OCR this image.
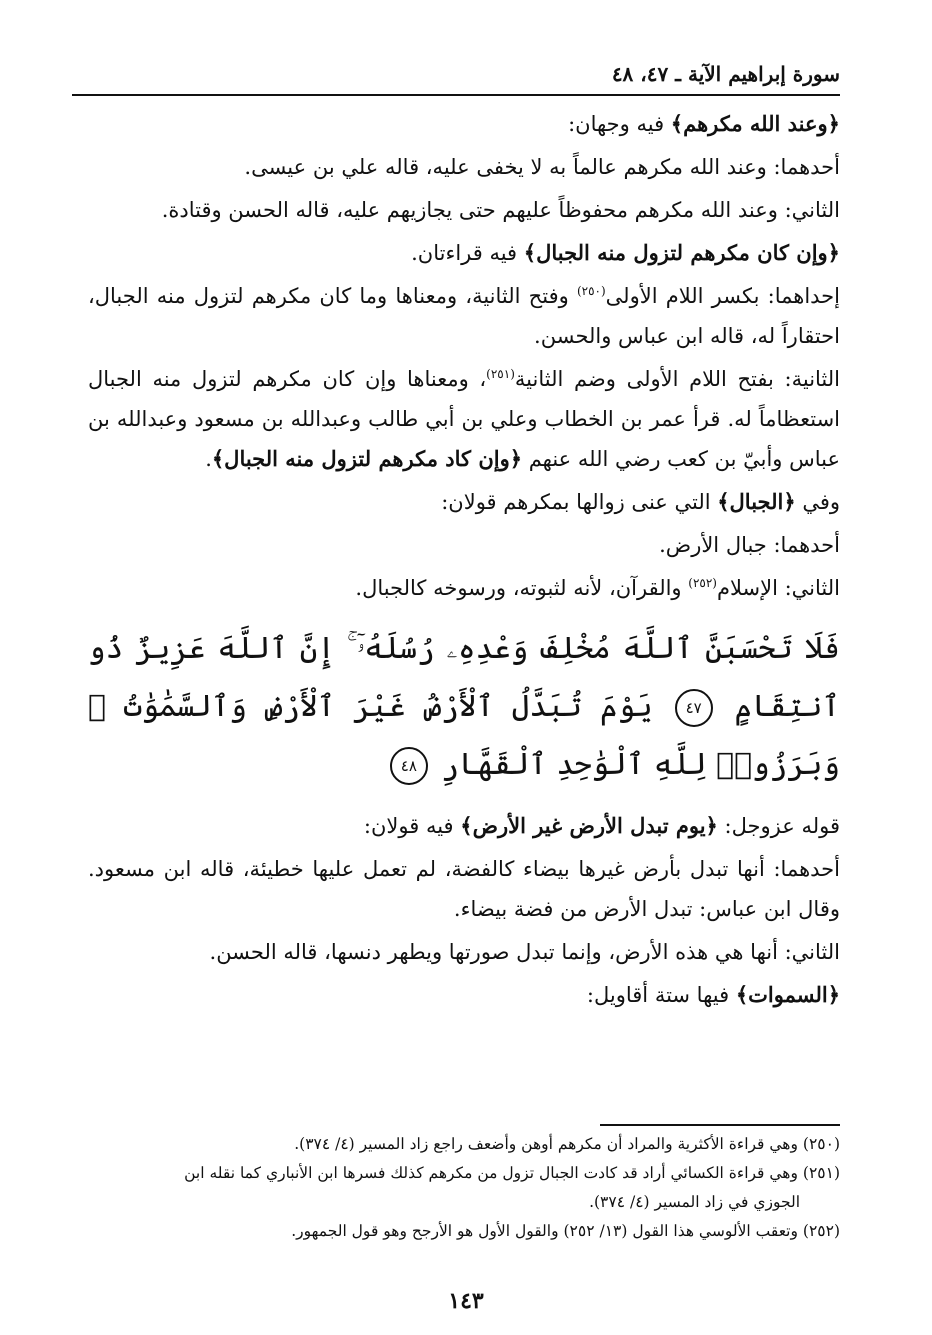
سورة إبراهيم الآية ـ ٤٧، ٤٨

﴿وعند الله مكرهم﴾ فيه وجهان:

أحدهما: وعند الله مكرهم عالماً به لا يخفى عليه، قاله علي بن عيسى.

الثاني: وعند الله مكرهم محفوظاً عليهم حتى يجازيهم عليه، قاله الحسن وقتادة.

﴿وإن كان مكرهم لتزول منه الجبال﴾ فيه قراءتان.

إحداهما: بكسر اللام الأولى$^{(٢٥٠)}$ وفتح الثانية، ومعناها وما كان مكرهم لتزول منه الجبال، احتقاراً له، قاله ابن عباس والحسن.

الثانية: بفتح اللام الأولى وضم الثانية$^{(٢٥١)}$، ومعناها وإن كان مكرهم لتزول منه الجبال استعظاماً له. قرأ عمر بن الخطاب وعلي بن أبي طالب وعبدالله بن مسعود وعبدالله بن عباس وأبيّ بن كعب رضي الله عنهم ﴿وإن كاد مكرهم لتزول منه الجبال﴾.

وفي ﴿الجبال﴾ التي عنى زوالها بمكرهم قولان:

أحدهما: جبال الأرض.

الثاني: الإسلام$^{(٢٥٢)}$ والقرآن، لأنه لثبوته، ورسوخه كالجبال.

فَلَا تَحْسَبَنَّ ٱللَّهَ مُخْلِفَ وَعْدِهِۦ رُسُلَهُۥٓ ۚ إِنَّ ٱللَّهَ عَزِيزٌ ذُو ٱنتِقَامٍ ٤٧ يَوْمَ تُبَدَّلُ ٱلْأَرْضُ غَيْرَ ٱلْأَرْضِ وَٱلسَّمَٰوَٰتُ ۖ وَبَرَزُوا۟ لِلَّهِ ٱلْوَٰحِدِ ٱلْقَهَّارِ ٤٨

قوله عزوجل: ﴿يوم تبدل الأرض غير الأرض﴾ فيه قولان:

أحدهما: أنها تبدل بأرض غيرها بيضاء كالفضة، لم تعمل عليها خطيئة، قاله ابن مسعود. وقال ابن عباس: تبدل الأرض من فضة بيضاء.

الثاني: أنها هي هذه الأرض، وإنما تبدل صورتها ويطهر دنسها، قاله الحسن.

﴿السموات﴾ فيها ستة أقاويل:

(٢٥٠) وهي قراءة الأكثرية والمراد أن مكرهم أوهن وأضعف راجع زاد المسير (٤/ ٣٧٤).

(٢٥١) وهي قراءة الكسائي أراد قد كادت الجبال تزول من مكرهم كذلك فسرها ابن الأنباري كما نقله ابن

الجوزي في زاد المسير (٤/ ٣٧٤).

(٢٥٢) وتعقب الألوسي هذا القول (١٣/ ٢٥٢) والقول الأول هو الأرجح وهو قول الجمهور.

١٤٣
